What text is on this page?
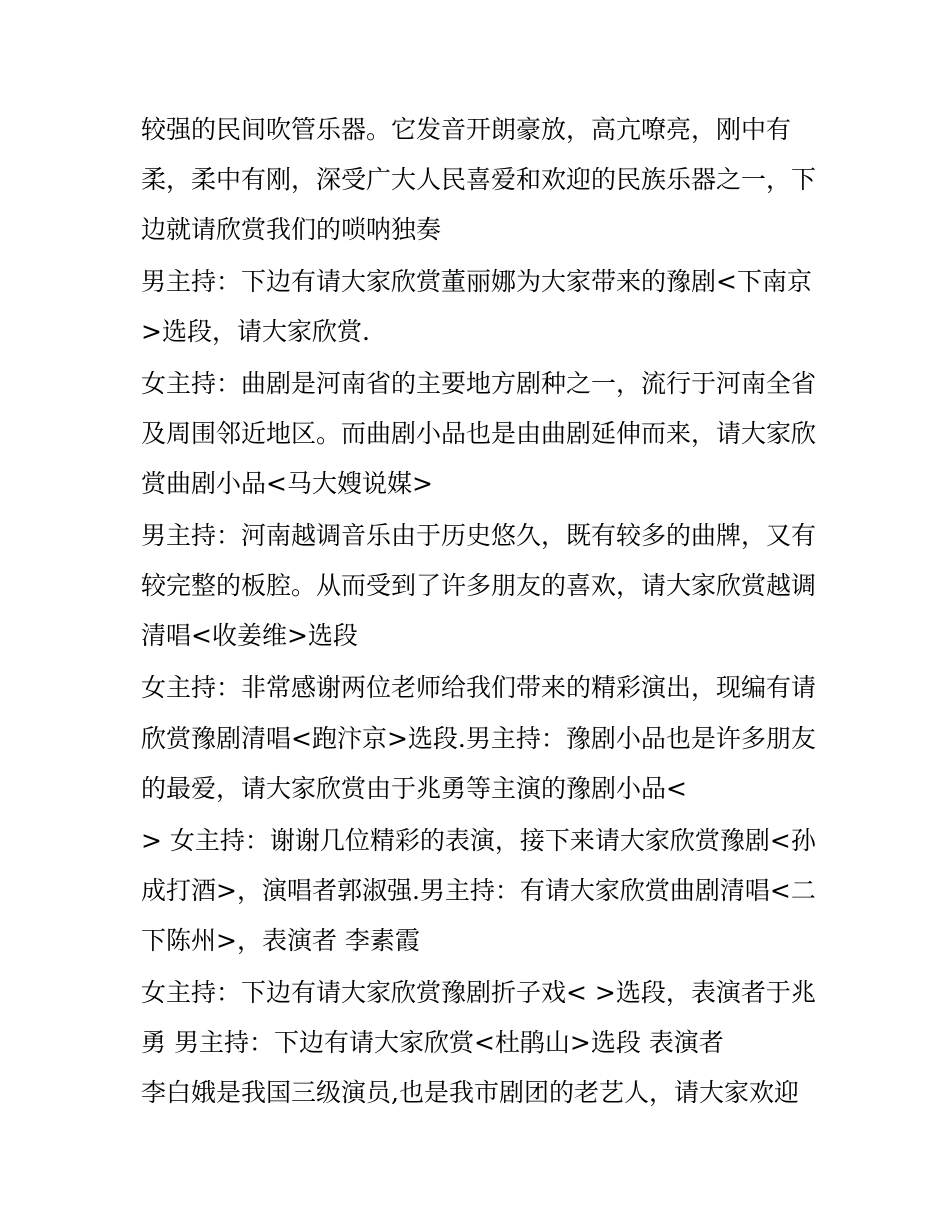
较强的民间吹管乐器。它发音开朗豪放，高亢嘹亮，刚中有
柔，柔中有刚，深受广大人民喜爱和欢迎的民族乐器之一，下
边就请欣赏我们的唢呐独奏
男主持：下边有请大家欣赏董丽娜为大家带来的豫剧<下南京
>选段，请大家欣赏.
女主持：曲剧是河南省的主要地方剧种之一，流行于河南全省
及周围邻近地区。而曲剧小品也是由曲剧延伸而来，请大家欣
赏曲剧小品<马大嫂说媒>
男主持：河南越调音乐由于历史悠久，既有较多的曲牌，又有
较完整的板腔。从而受到了许多朋友的喜欢，请大家欣赏越调
清唱<收姜维>选段
女主持：非常感谢两位老师给我们带来的精彩演出，现编有请
欣赏豫剧清唱<跑汴京>选段.男主持：豫剧小品也是许多朋友
的最爱，请大家欣赏由于兆勇等主演的豫剧小品<
> 女主持：谢谢几位精彩的表演，接下来请大家欣赏豫剧<孙
成打酒>，演唱者郭淑强.男主持：有请大家欣赏曲剧清唱<二
下陈州>，表演者 李素霞
女主持：下边有请大家欣赏豫剧折子戏< >选段，表演者于兆
勇 男主持：下边有请大家欣赏<杜鹃山>选段 表演者
李白娥是我国三级演员,也是我市剧团的老艺人，请大家欢迎
